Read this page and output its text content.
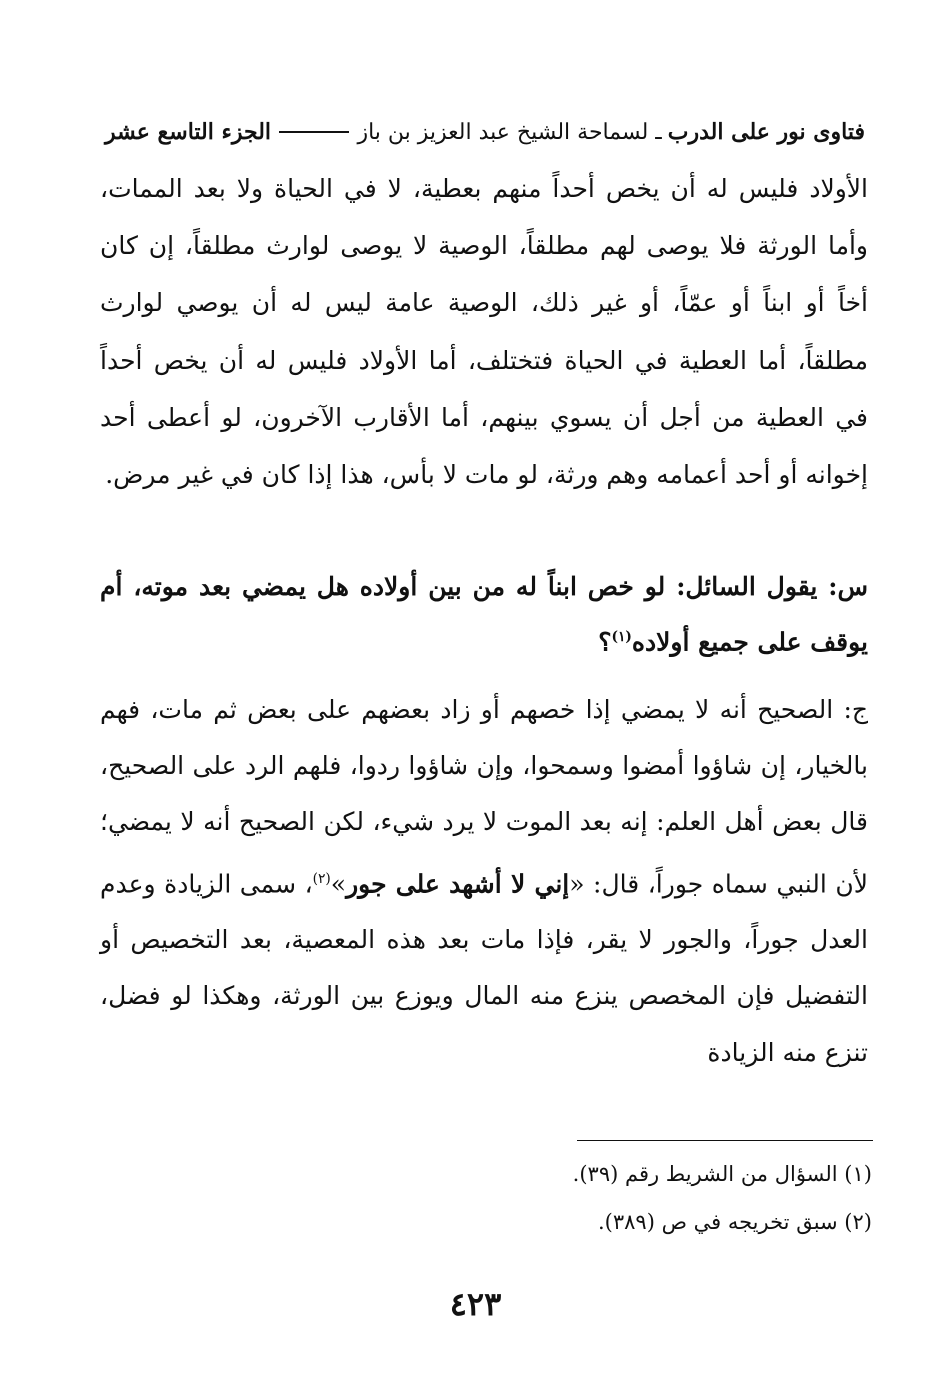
فتاوى نور على الدرب
ـ لسماحة الشيخ عبد العزيز بن باز
الجزء التاسع عشر
الأولاد فليس له أن يخص أحداً منهم بعطية، لا في الحياة ولا بعد الممات، وأما الورثة فلا يوصى لهم مطلقاً، الوصية لا يوصى لوارث مطلقاً، إن كان أخاً أو ابناً أو عمّاً، أو غير ذلك، الوصية عامة ليس له أن يوصي لوارث مطلقاً، أما العطية في الحياة فتختلف، أما الأولاد فليس له أن يخص أحداً في العطية من أجل أن يسوي بينهم، أما الأقارب الآخرون، لو أعطى أحد إخوانه أو أحد أعمامه وهم ورثة، لو مات لا بأس، هذا إذا كان في غير مرض.
س: يقول السائل: لو خص ابناً له من بين أولاده هل يمضي بعد موته، أم يوقف على جميع أولاده$^{(١)}$؟
ج: الصحيح أنه لا يمضي إذا خصهم أو زاد بعضهم على بعض ثم مات، فهم بالخيار، إن شاؤوا أمضوا وسمحوا، وإن شاؤوا ردوا، فلهم الرد على الصحيح، قال بعض أهل العلم: إنه بعد الموت لا يرد شيء، لكن الصحيح أنه لا يمضي؛ لأن النبي سماه جوراً، قال: «إني لا أشهد على جور»$^{(٢)}$، سمى الزيادة وعدم العدل جوراً، والجور لا يقر، فإذا مات بعد هذه المعصية، بعد التخصيص أو التفضيل فإن المخصص ينزع منه المال ويوزع بين الورثة، وهكذا لو فضل، تنزع منه الزيادة
(١) السؤال من الشريط رقم (٣٩).
(٢) سبق تخريجه في ص (٣٨٩).
٤٢٣
